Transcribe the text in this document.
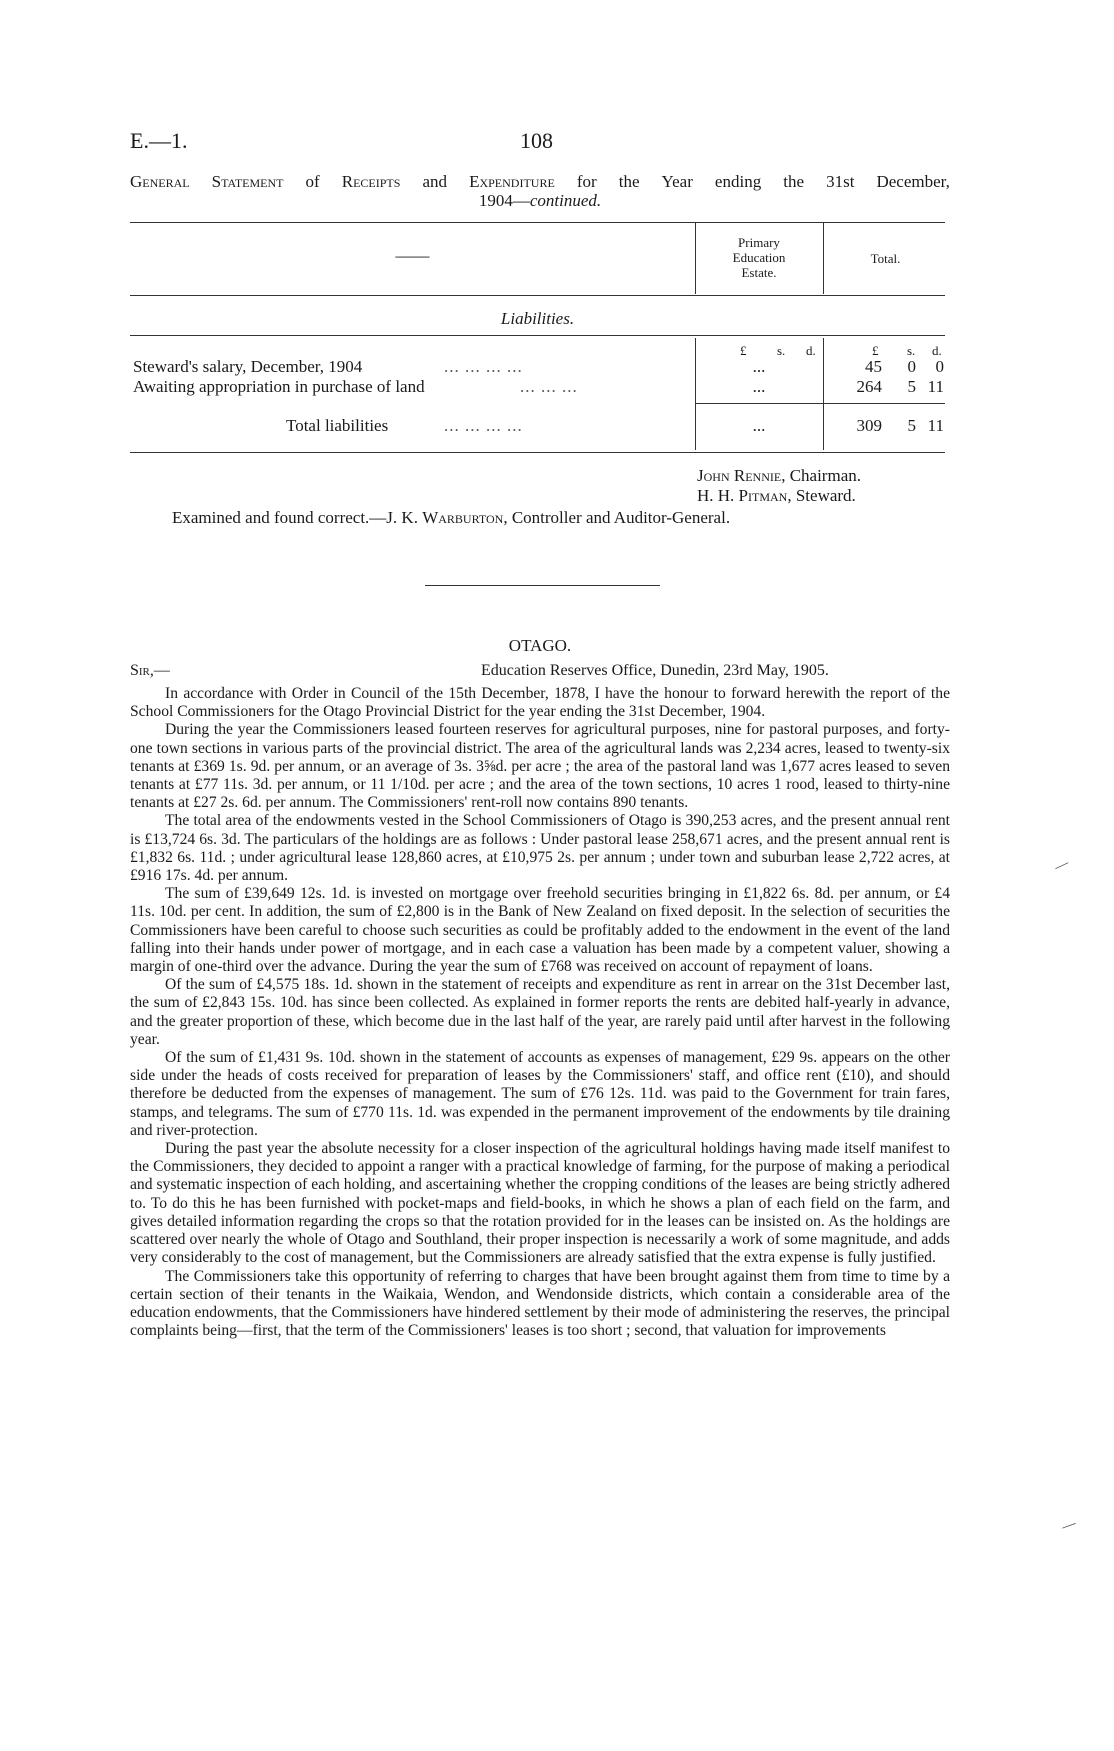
E.—1.	108
General Statement of Receipts and Expenditure for the Year ending the 31st December,
1904—continued.
——
Primary
Education
Estate.
Total.
Liabilities.
£ s. d.	£ s. d.
Steward's salary, December, 1904	... ... ... ...	...	45	0	0
Awaiting appropriation in purchase of land	... ... ...	...	264	5 11
Total liabilities	... ... ... ...	...	309	5 11
John Rennie, Chairman.
H. H. Pitman, Steward.
Examined and found correct.—J. K. Warburton, Controller and Auditor-General.
OTAGO.
Sir,—	Education Reserves Office, Dunedin, 23rd May, 1905.

In accordance with Order in Council of the 15th December, 1878, I have the honour to forward herewith the report of the School Commissioners for the Otago Provincial District for the year ending the 31st December, 1904.

During the year the Commissioners leased fourteen reserves for agricultural purposes, nine for pastoral purposes, and forty-one town sections in various parts of the provincial district. The area of the agricultural lands was 2,234 acres, leased to twenty-six tenants at £369 1s. 9d. per annum, or an average of 3s. 3⅝d. per acre ; the area of the pastoral land was 1,677 acres leased to seven tenants at £77 11s. 3d. per annum, or 11 1/10d. per acre ; and the area of the town sections, 10 acres 1 rood, leased to thirty-nine tenants at £27 2s. 6d. per annum. The Commissioners' rent-roll now contains 890 tenants.

The total area of the endowments vested in the School Commissioners of Otago is 390,253 acres, and the present annual rent is £13,724 6s. 3d. The particulars of the holdings are as follows : Under pastoral lease 258,671 acres, and the present annual rent is £1,832 6s. 11d. ; under agricultural lease 128,860 acres, at £10,975 2s. per annum ; under town and suburban lease 2,722 acres, at £916 17s. 4d. per annum.

The sum of £39,649 12s. 1d. is invested on mortgage over freehold securities bringing in £1,822 6s. 8d. per annum, or £4 11s. 10d. per cent. In addition, the sum of £2,800 is in the Bank of New Zealand on fixed deposit. In the selection of securities the Commissioners have been careful to choose such securities as could be profitably added to the endowment in the event of the land falling into their hands under power of mortgage, and in each case a valuation has been made by a competent valuer, showing a margin of one-third over the advance. During the year the sum of £768 was received on account of repayment of loans.

Of the sum of £4,575 18s. 1d. shown in the statement of receipts and expenditure as rent in arrear on the 31st December last, the sum of £2,843 15s. 10d. has since been collected. As explained in former reports the rents are debited half-yearly in advance, and the greater proportion of these, which become due in the last half of the year, are rarely paid until after harvest in the following year.

Of the sum of £1,431 9s. 10d. shown in the statement of accounts as expenses of management, £29 9s. appears on the other side under the heads of costs received for preparation of leases by the Commissioners' staff, and office rent (£10), and should therefore be deducted from the expenses of management. The sum of £76 12s. 11d. was paid to the Government for train fares, stamps, and telegrams. The sum of £770 11s. 1d. was expended in the permanent improvement of the endowments by tile draining and river-protection.

During the past year the absolute necessity for a closer inspection of the agricultural holdings having made itself manifest to the Commissioners, they decided to appoint a ranger with a practical knowledge of farming, for the purpose of making a periodical and systematic inspection of each holding, and ascertaining whether the cropping conditions of the leases are being strictly adhered to. To do this he has been furnished with pocket-maps and field-books, in which he shows a plan of each field on the farm, and gives detailed information regarding the crops so that the rotation provided for in the leases can be insisted on. As the holdings are scattered over nearly the whole of Otago and Southland, their proper inspection is necessarily a work of some magnitude, and adds very considerably to the cost of management, but the Commissioners are already satisfied that the extra expense is fully justified.

The Commissioners take this opportunity of referring to charges that have been brought against them from time to time by a certain section of their tenants in the Waikaia, Wendon, and Wendonside districts, which contain a considerable area of the education endowments, that the Commissioners have hindered settlement by their mode of administering the reserves, the principal complaints being—first, that the term of the Commissioners' leases is too short ; second, that valuation for improvements

—
—
